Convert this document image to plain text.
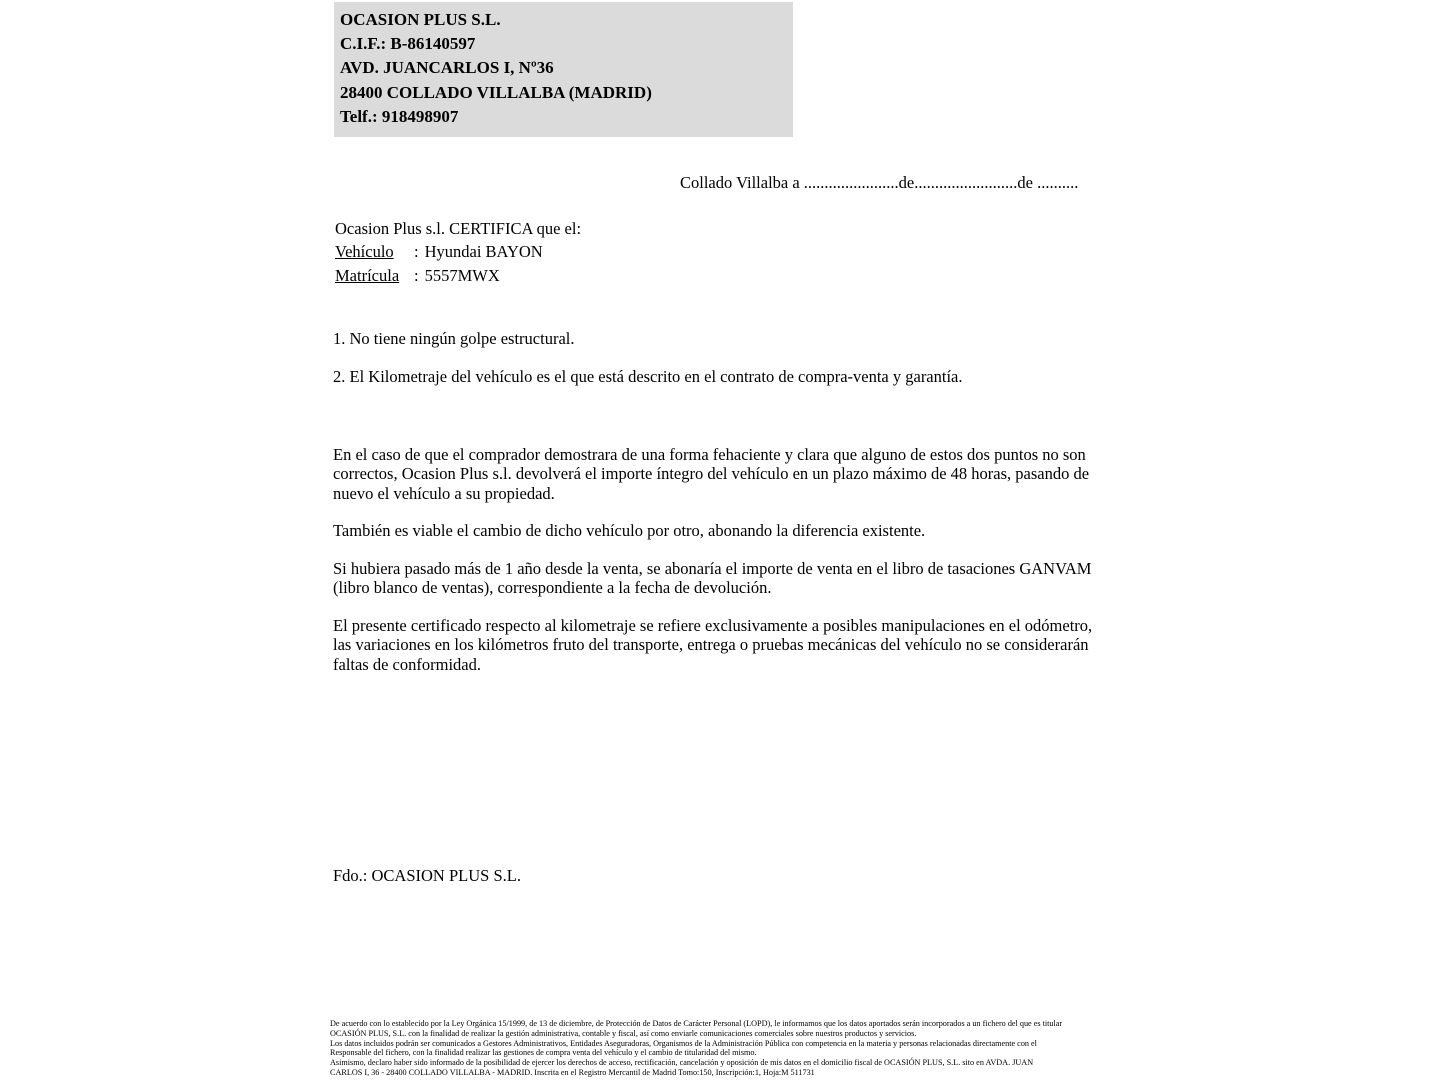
OCASION PLUS S.L.
C.I.F.: B-86140597
AVD. JUANCARLOS I, Nº36
28400 COLLADO VILLALBA (MADRID)
Telf.: 918498907
Collado Villalba a .......................de.........................de ..........
Ocasion Plus s.l. CERTIFICA que el:
Vehículo : Hyundai BAYON
Matrícula : 5557MWX
1. No tiene ningún golpe estructural.
2. El Kilometraje del vehículo es el que está descrito en el contrato de compra-venta y garantía.
En el caso de que el comprador demostrara de una forma fehaciente y clara que alguno de estos dos puntos no son correctos, Ocasion Plus s.l. devolverá el importe íntegro del vehículo en un plazo máximo de 48 horas, pasando de nuevo el vehículo a su propiedad.
También es viable el cambio de dicho vehículo por otro, abonando la diferencia existente.
Si hubiera pasado más de 1 año desde la venta, se abonaría el importe de venta en el libro de tasaciones GANVAM (libro blanco de ventas), correspondiente a la fecha de devolución.
El presente certificado respecto al kilometraje se refiere exclusivamente a posibles manipulaciones en el odómetro, las variaciones en los kilómetros fruto del transporte, entrega o pruebas mecánicas del vehículo no se considerarán faltas de conformidad.
Fdo.: OCASION PLUS S.L.
De acuerdo con lo establecido por la Ley Orgánica 15/1999, de 13 de diciembre, de Protección de Datos de Carácter Personal (LOPD), le informamos que los datos aportados serán incorporados a un fichero del que es titular
OCASIÓN PLUS, S.L. con la finalidad de realizar la gestión administrativa, contable y fiscal, así como enviarle comunicaciones comerciales sobre nuestros productos y servicios.
Los datos incluidos podrán ser comunicados a Gestores Administrativos, Entidades Aseguradoras, Organismos de la Administración Pública con competencia en la materia y personas relacionadas directamente con el
Responsable del fichero, con la finalidad realizar las gestiones de compra venta del vehículo y el cambio de titularidad del mismo.
Asimismo, declaro haber sido informado de la posibilidad de ejercer los derechos de acceso, rectificación, cancelación y oposición de mis datos en el domicilio fiscal de OCASIÓN PLUS, S.L. sito en AVDA. JUAN
CARLOS I, 36 - 28400 COLLADO VILLALBA - MADRID. Inscrita en el Registro Mercantil de Madrid Tomo:150, Inscripción:1, Hoja:M 511731
